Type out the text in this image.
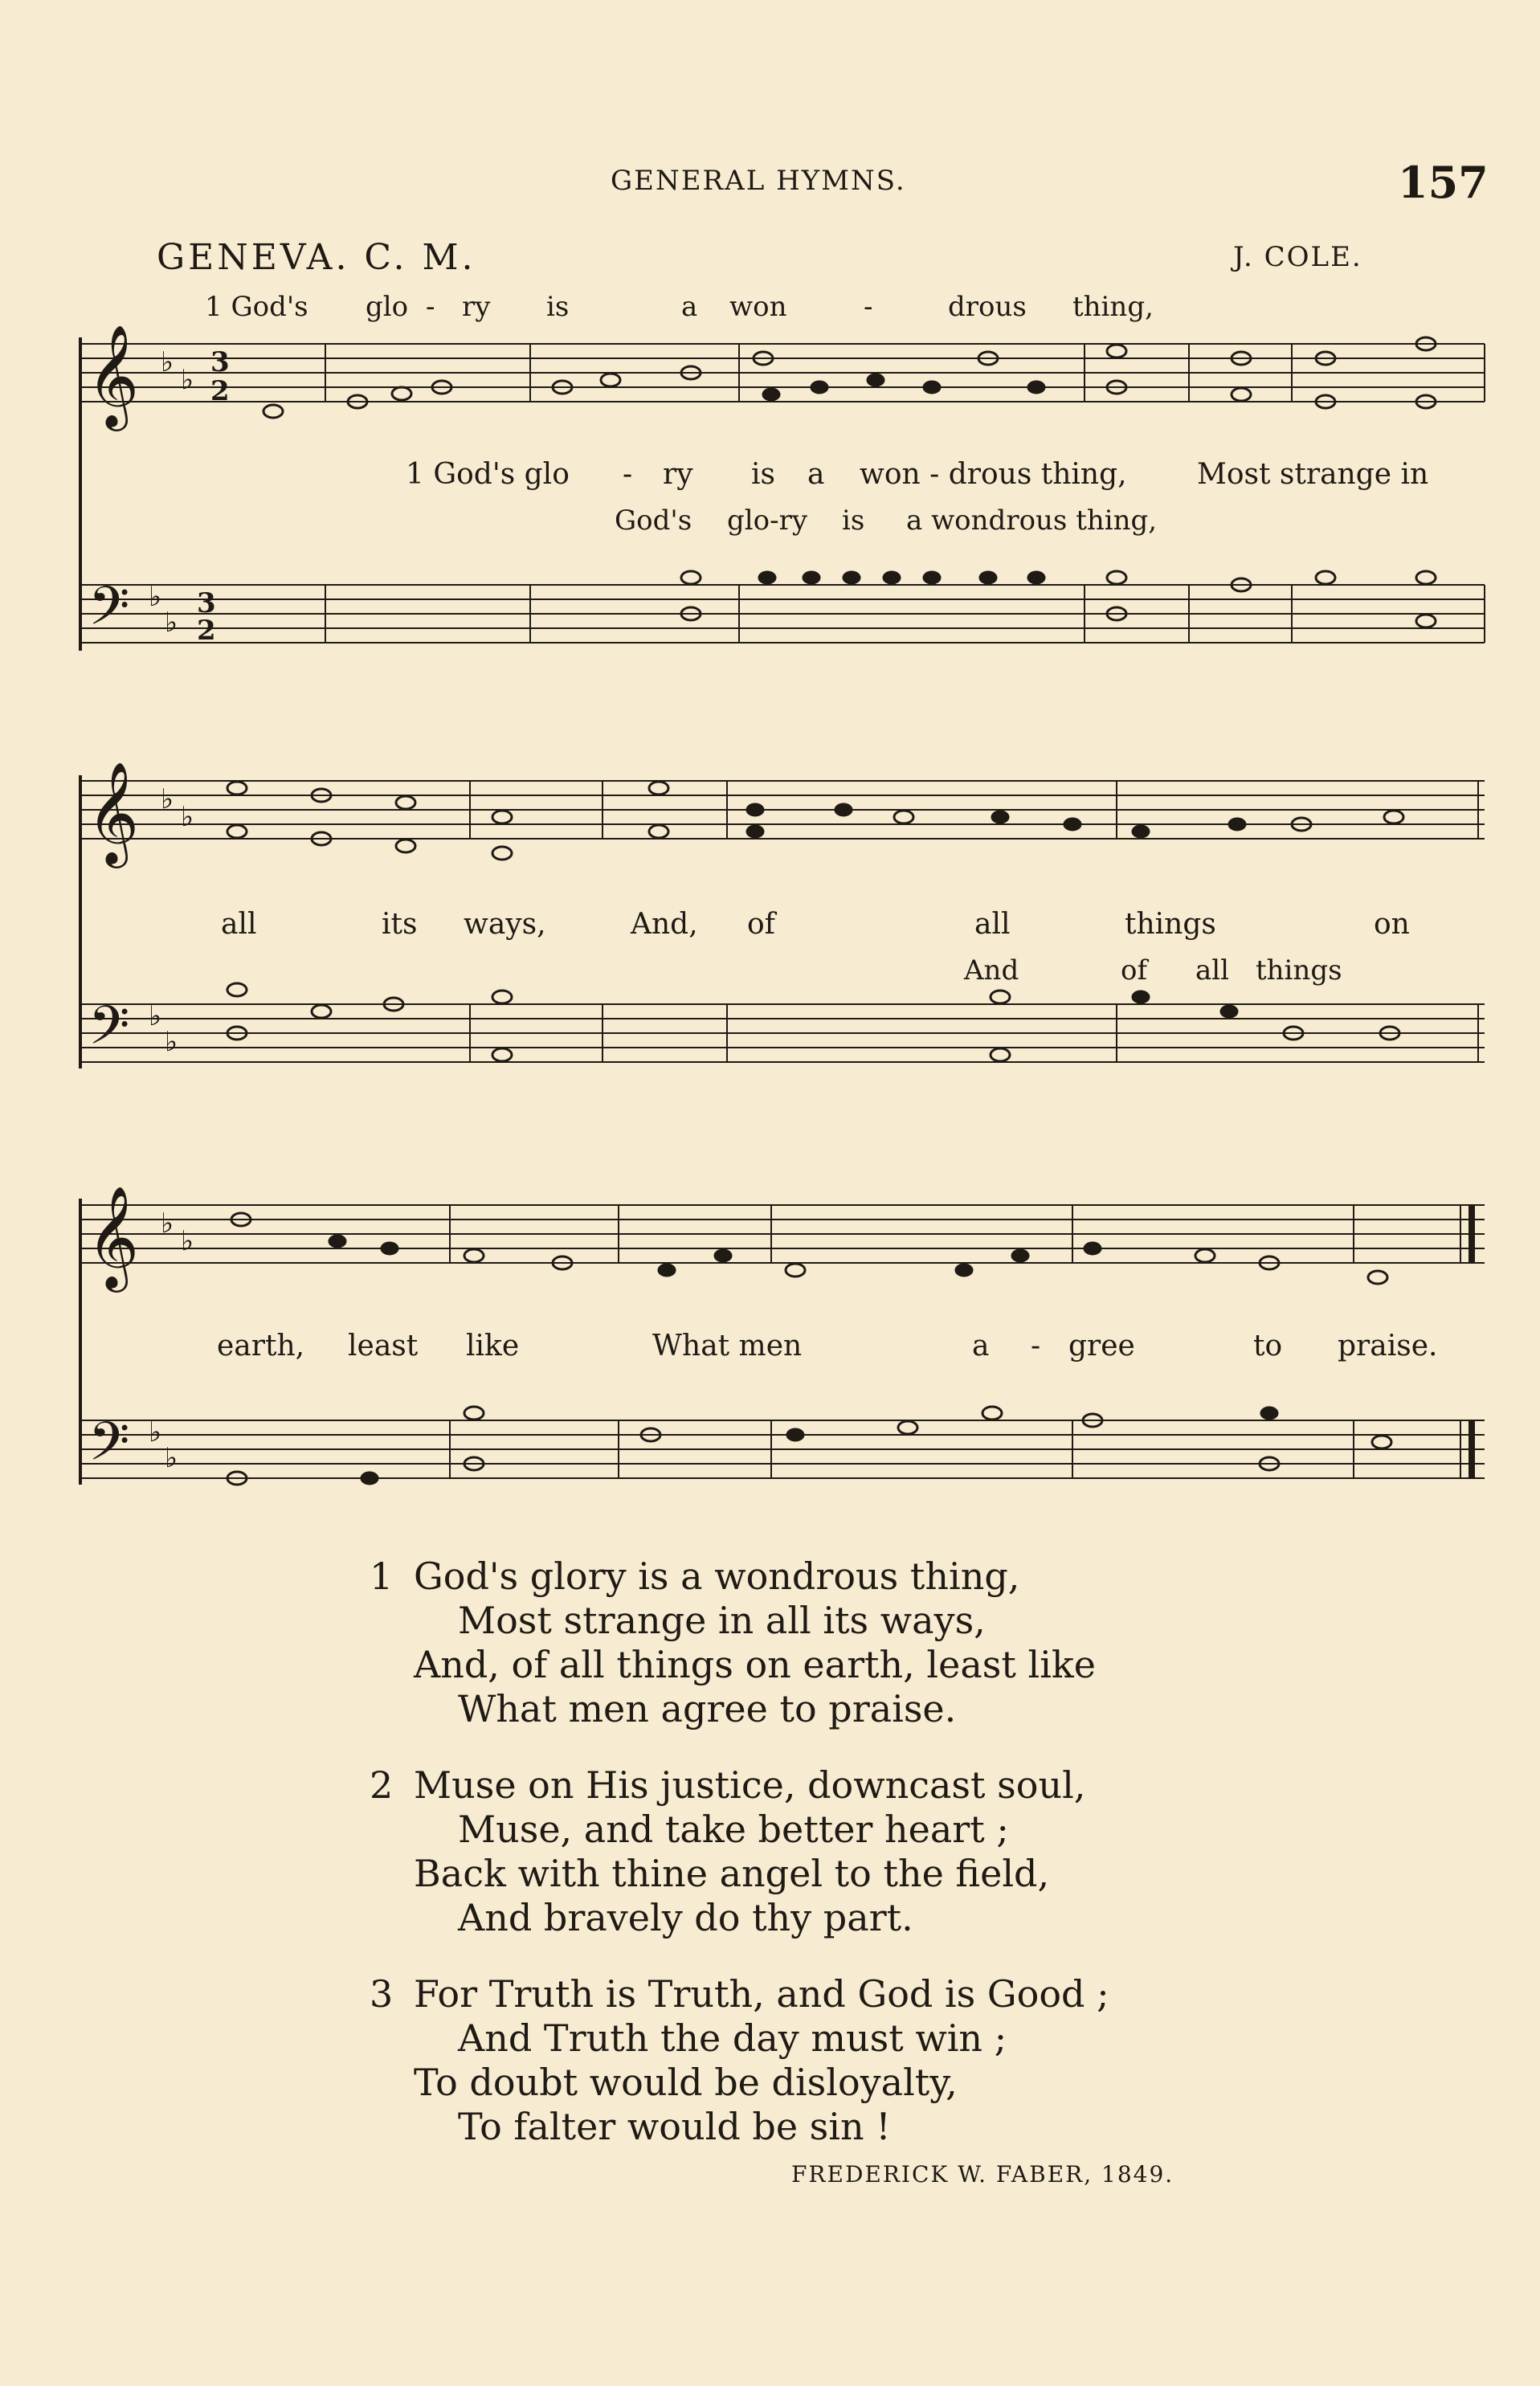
GENERAL HYMNS.	157
GENEVA. C. M.	J. COLE.
𝄞
𝄢
𝄞
𝄢
𝄞
𝄢
♭
♭
3
2
♭
♭
3
2
♭
♭
♭
♭
♭
♭
♭
♭
1 God's glo - ry is	a won	-	drous thing,
1 God's glo - ry is a won - drous thing, Most strange in
God's glo-ry is a wondrous thing,
all	its ways,	And, of	all	things	on
And	of all things
earth, least like	What men	a - gree	to praise.
1 God's glory is a wondrous thing,
Most strange in all its ways,
And, of all things on earth, least like
What men agree to praise.
2 Muse on His justice, downcast soul,
Muse, and take better heart ;
Back with thine angel to the field,
And bravely do thy part.
3 For Truth is Truth, and God is Good ;
And Truth the day must win ;
To doubt would be disloyalty,
To falter would be sin !
FREDERICK W. FABER, 1849.
